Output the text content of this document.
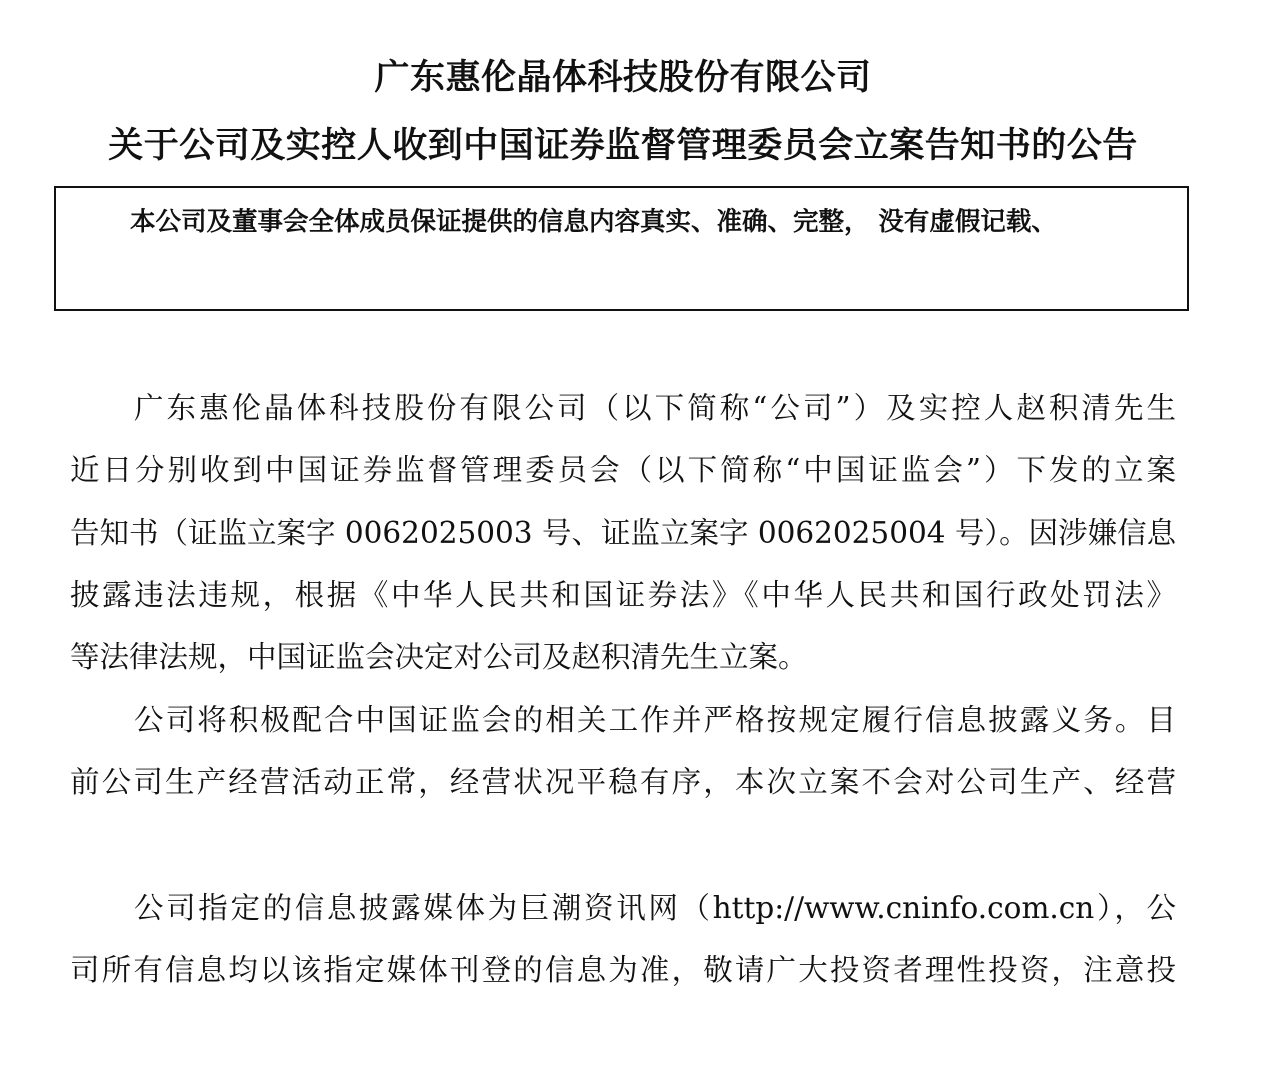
广东惠伦晶体科技股份有限公司
关于公司及实控人收到中国证券监督管理委员会立案告知书的公告
本公司及董事会全体成员保证提供的信息内容真实、准确、完整， 没有虚假记载、
广东惠伦晶体科技股份有限公司（以下简称“公司”）及实控人赵积清先生
近日分别收到中国证券监督管理委员会（以下简称“中国证监会”）下发的立案
告知书（证监立案字 0062025003 号、证监立案字 0062025004 号）。因涉嫌信息
披露违法违规，根据《中华人民共和国证券法》《中华人民共和国行政处罚法》
等法律法规，中国证监会决定对公司及赵积清先生立案。
公司将积极配合中国证监会的相关工作并严格按规定履行信息披露义务。目
前公司生产经营活动正常，经营状况平稳有序，本次立案不会对公司生产、经营
公司指定的信息披露媒体为巨潮资讯网（http://www.cninfo.com.cn），公
司所有信息均以该指定媒体刊登的信息为准，敬请广大投资者理性投资，注意投
